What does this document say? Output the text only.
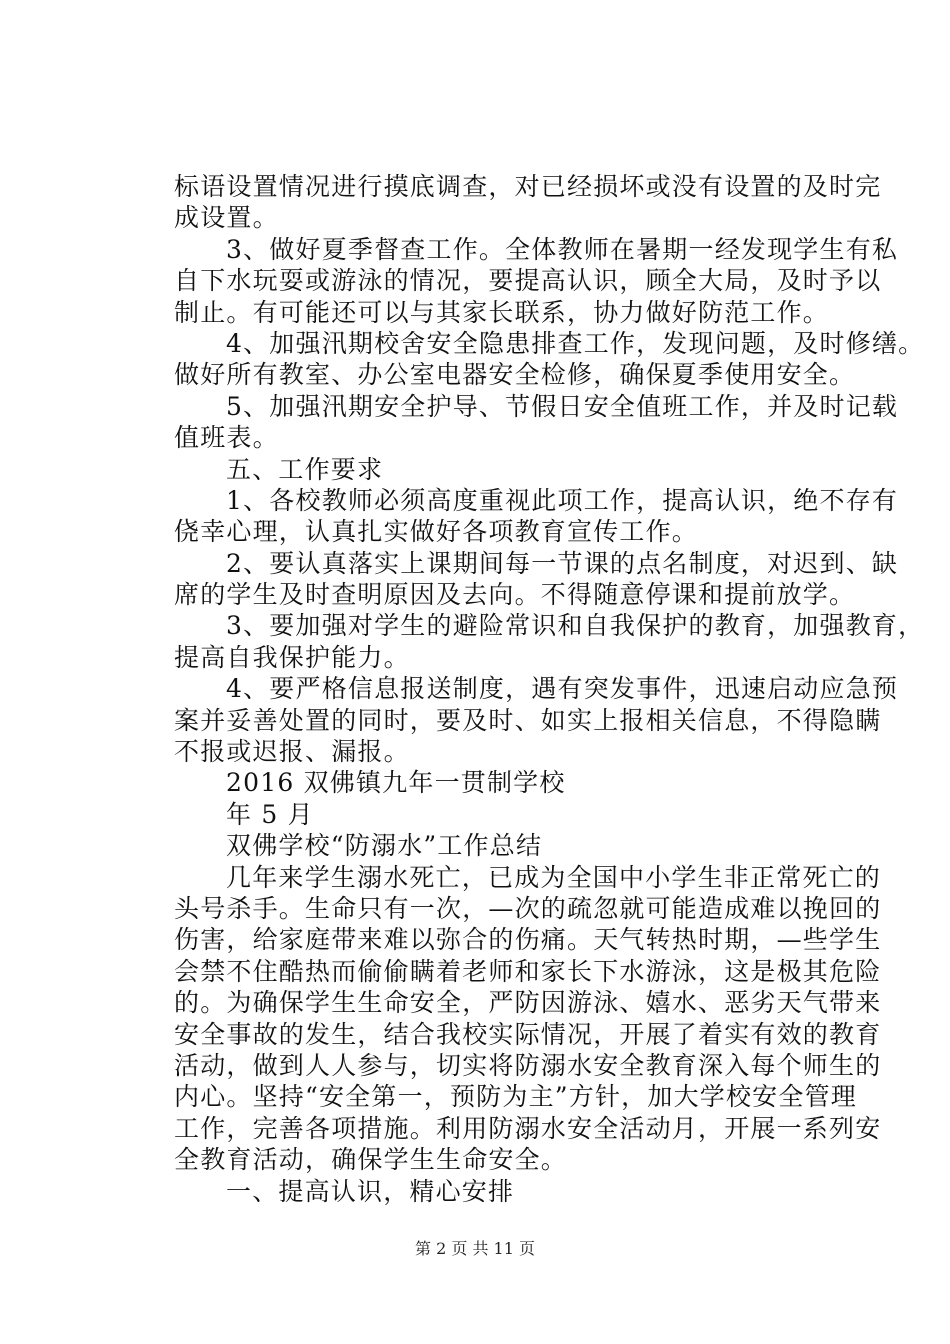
标语设置情况进行摸底调查，对已经损坏或没有设置的及时完
成设置。
3、做好夏季督查工作。全体教师在暑期一经发现学生有私
自下水玩耍或游泳的情况，要提高认识，顾全大局，及时予以
制止。有可能还可以与其家长联系，协力做好防范工作。
4、加强汛期校舍安全隐患排查工作，发现问题，及时修缮。
做好所有教室、办公室电器安全检修，确保夏季使用安全。
5、加强汛期安全护导、节假日安全值班工作，并及时记载
值班表。
五、工作要求
1、各校教师必须高度重视此项工作，提高认识，绝不存有
侥幸心理，认真扎实做好各项教育宣传工作。
2、要认真落实上课期间每一节课的点名制度，对迟到、缺
席的学生及时查明原因及去向。不得随意停课和提前放学。
3、要加强对学生的避险常识和自我保护的教育，加强教育，
提高自我保护能力。
4、要严格信息报送制度，遇有突发事件，迅速启动应急预
案并妥善处置的同时，要及时、如实上报相关信息，不得隐瞒
不报或迟报、漏报。
2016 双佛镇九年一贯制学校
年 5 月
双佛学校“防溺水”工作总结
几年来学生溺水死亡，已成为全国中小学生非正常死亡的
头号杀手。生命只有一次，—次的疏忽就可能造成难以挽回的
伤害，给家庭带来难以弥合的伤痛。天气转热时期，—些学生
会禁不住酷热而偷偷瞒着老师和家长下水游泳，这是极其危险
的。为确保学生生命安全，严防因游泳、嬉水、恶劣天气带来
安全事故的发生，结合我校实际情况，开展了着实有效的教育
活动，做到人人参与，切实将防溺水安全教育深入每个师生的
内心。坚持“安全第一，预防为主”方针，加大学校安全管理
工作，完善各项措施。利用防溺水安全活动月，开展一系列安
全教育活动，确保学生生命安全。
一、提高认识，精心安排
第 2 页 共 11 页
